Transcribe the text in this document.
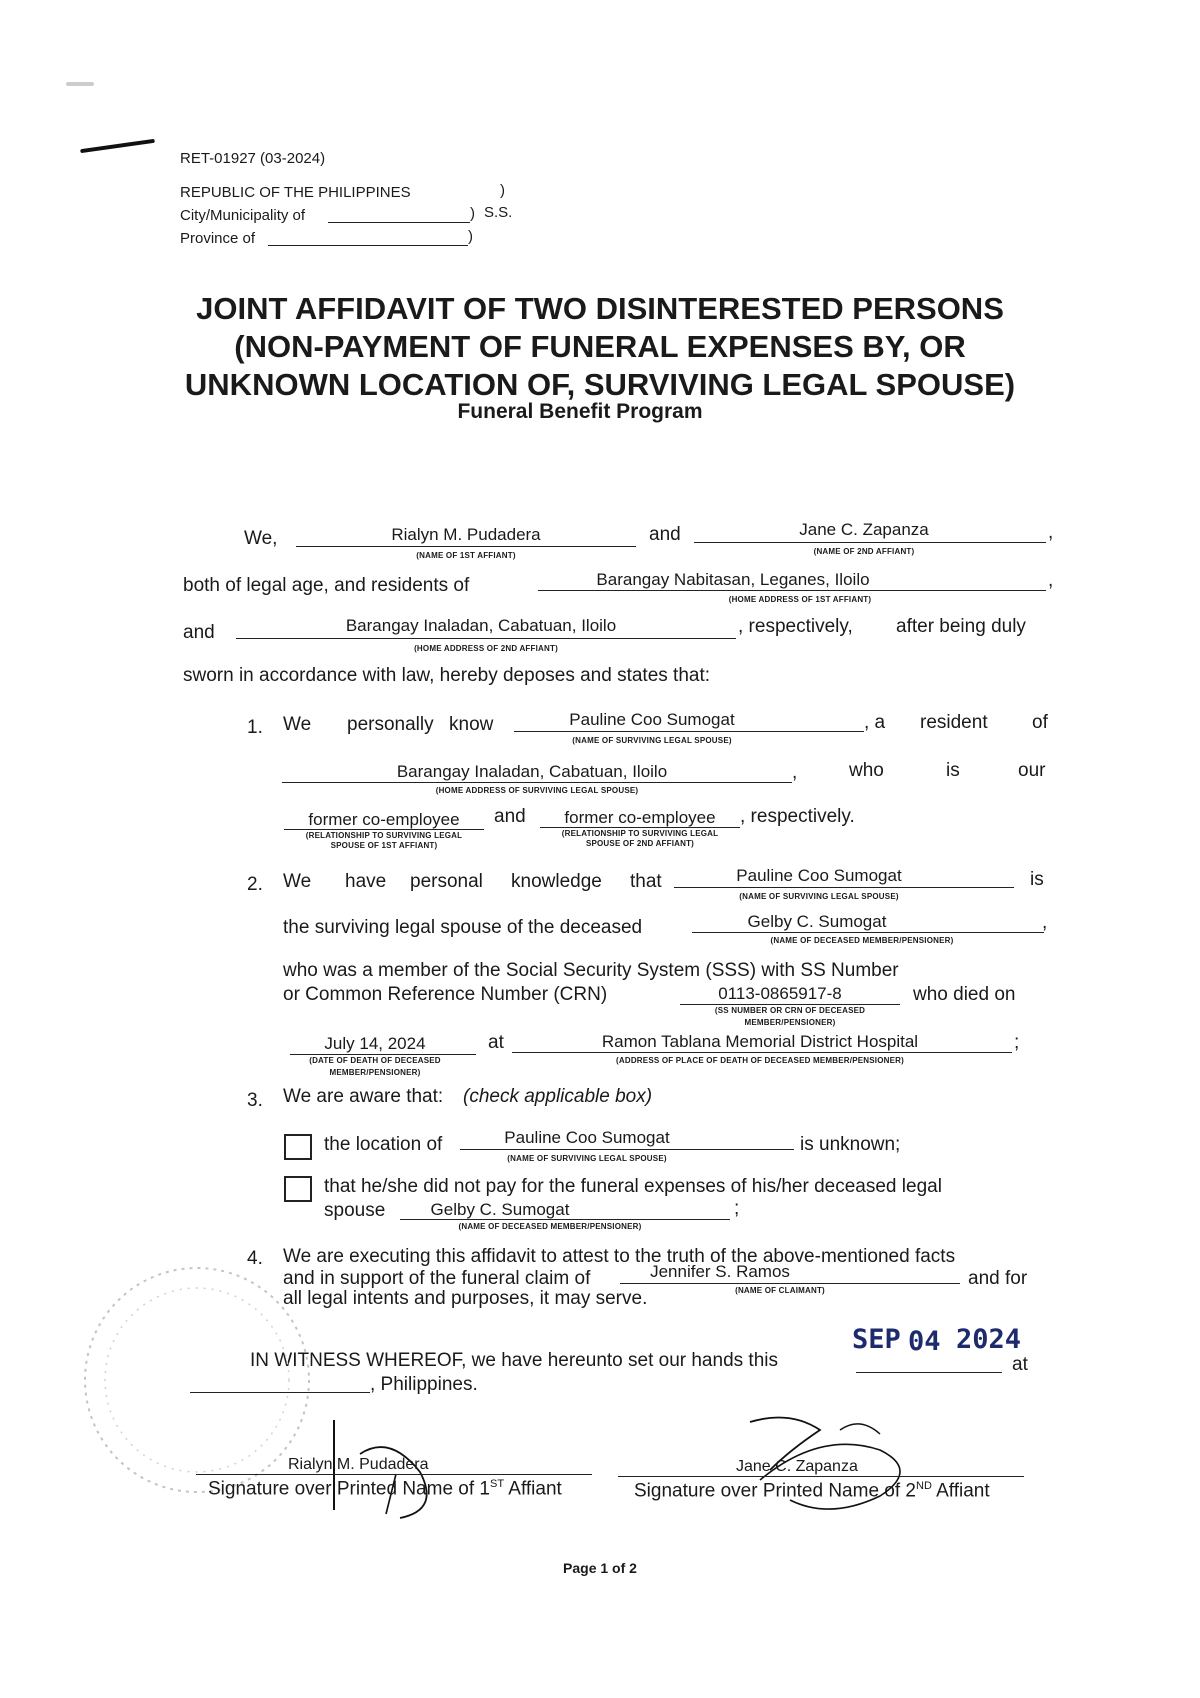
RET-01927 (03-2024)
REPUBLIC OF THE PHILIPPINES	)
City/Municipality of	) S.S.
Province of	)
JOINT AFFIDAVIT OF TWO DISINTERESTED PERSONS
(NON-PAYMENT OF FUNERAL EXPENSES BY, OR
UNKNOWN LOCATION OF, SURVIVING LEGAL SPOUSE)
Funeral Benefit Program
We,	Rialyn M. Pudadera
(NAME OF 1ST AFFIANT)
and	Jane C. Zapanza
(NAME OF 2ND AFFIANT)
,
both of legal age, and residents of	Barangay Nabitasan, Leganes, Iloilo
(HOME ADDRESS OF 1ST AFFIANT)
,
and	Barangay Inaladan, Cabatuan, Iloilo
(HOME ADDRESS OF 2ND AFFIANT)
, respectively, after being duly
sworn in accordance with law, hereby deposes and states that:
1. We personally know	Pauline Coo Sumogat
(NAME OF SURVIVING LEGAL SPOUSE)
, a resident of
Barangay Inaladan, Cabatuan, Iloilo
(HOME ADDRESS OF SURVIVING LEGAL SPOUSE)
,	who	is	our
former co-employee
(RELATIONSHIP TO SURVIVING LEGAL
SPOUSE OF 1ST AFFIANT)
and	former co-employee
(RELATIONSHIP TO SURVIVING LEGAL
SPOUSE OF 2ND AFFIANT)
, respectively.
2. We have personal knowledge that	Pauline Coo Sumogat
(NAME OF SURVIVING LEGAL SPOUSE)
is
the surviving legal spouse of the deceased	Gelby C. Sumogat
(NAME OF DECEASED MEMBER/PENSIONER)
,
who was a member of the Social Security System (SSS) with SS Number
or Common Reference Number (CRN)	0113-0865917-8
(SS NUMBER OR CRN OF DECEASED
MEMBER/PENSIONER)
who died on
July 14, 2024
(DATE OF DEATH OF DECEASED
MEMBER/PENSIONER)
at	Ramon Tablana Memorial District Hospital
(ADDRESS OF PLACE OF DEATH OF DECEASED MEMBER/PENSIONER)
;
3. We are aware that: (check applicable box)
the location of	Pauline Coo Sumogat
(NAME OF SURVIVING LEGAL SPOUSE)
is unknown;
that he/she did not pay for the funeral expenses of his/her deceased legal
spouse	Gelby C. Sumogat
(NAME OF DECEASED MEMBER/PENSIONER)
;
4. We are executing this affidavit to attest to the truth of the above-mentioned facts
and in support of the funeral claim of	Jennifer S. Ramos
(NAME OF CLAIMANT)
and for
all legal intents and purposes, it may serve.
SEP 04 2024
IN WITNESS WHEREOF, we have hereunto set our hands this	at
, Philippines.
Rialyn M. Pudadera
Signature over Printed Name of 1ST Affiant
Jane C. Zapanza
Signature over Printed Name of 2ND Affiant
Page 1 of 2
